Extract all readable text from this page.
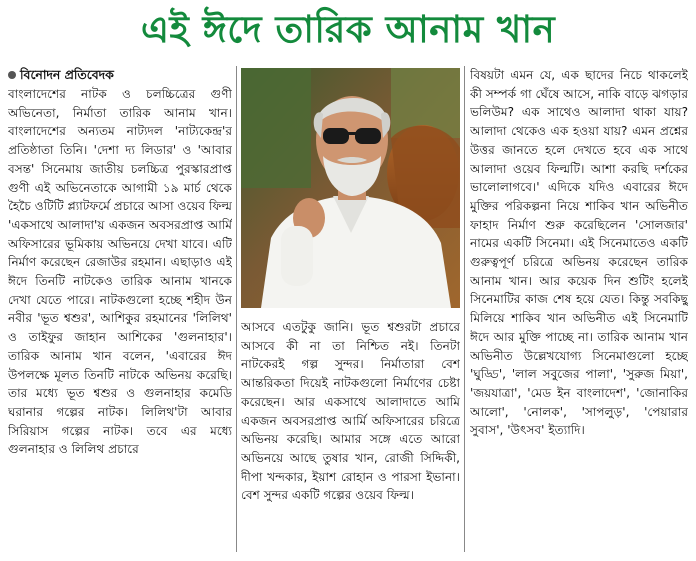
এই ঈদে তারিক আনাম খান
বিনোদন প্রতিবেদক

বাংলাদেশের নাটক ও চলচ্চিত্রের গুণী অভিনেতা, নির্মাতা তারিক আনাম খান। বাংলাদেশের অন্যতম নাট্যদল 'নাট্যকেন্দ্র'র প্রতিষ্ঠাতা তিনি। 'দেশা দ্য লিডার' ও 'আবার বসন্ত' সিনেমায় জাতীয় চলচ্চিত্র পুরস্কারপ্রাপ্ত গুণী এই অভিনেতাকে আগামী ১৯ মার্চ থেকে হৈচৈ ওটিটি প্ল্যাটফর্মে প্রচারে আসা ওয়েব ফিল্ম 'একসাথে আলাদা'য় একজন অবসরপ্রাপ্ত আর্মি অফিসারের ভূমিকায় অভিনয়ে দেখা যাবে। এটি নির্মাণ করেছেন রেজাউর রহমান। এছাড়াও এই ঈদে তিনটি নাটকেও তারিক আনাম খানকে দেখা যেতে পারে। নাটকগুলো হচ্ছে শহীদ উন নবীর 'ভূত শ্বশুর', আশিকুর রহমানের 'লিলিথ' ও তাইফুর জাহান আশিকের 'গুলনাহার'। তারিক আনাম খান বলেন, 'এবারের ঈদ উপলক্ষে মূলত তিনটি নাটকে অভিনয় করেছি। তার মধ্যে ভূত শ্বশুর ও গুলনাহার কমেডি ঘরানার গল্পের নাটক। লিলিথ'টা আবার সিরিয়াস গল্পের নাটক। তবে এর মধ্যে গুলনাহার ও লিলিথ প্রচারে

আসবে এতটুকু জানি। ভূত শ্বশুরটা প্রচারে আসবে কী না তা নিশ্চিত নই। তিনটা নাটকেরই গল্প সুন্দর। নির্মাতারা বেশ আন্তরিকতা দিয়েই নাটকগুলো নির্মাণের চেষ্টা করেছেন। আর একসাথে আলাদাতে আমি একজন অবসরপ্রাপ্ত আর্মি অফিসারের চরিত্রে অভিনয় করেছি। আমার সঙ্গে এতে আরো অভিনয়ে আছে তুষার খান, রোজী সিদ্দিকী, দীপা খন্দকার, ইয়াশ রোহান ও পারসা ইভানা। বেশ সুন্দর একটি গল্পের ওয়েব ফিল্ম।

বিষয়টা এমন যে, এক ছাদের নিচে থাকলেই কী সম্পর্ক গা ঘেঁষে আসে, নাকি বাড়ে ঝগড়ার ভলিউম? এক সাথেও আলাদা থাকা যায়? আলাদা থেকেও এক হওয়া যায়? এমন প্রশ্নের উত্তর জানতে হলে দেখতে হবে এক সাথে আলাদা ওয়েব ফিল্মটি। আশা করছি দর্শকের ভালোলাগবে।' এদিকে যদিও এবারের ঈদে মুক্তির পরিকল্পনা নিয়ে শাকিব খান অভিনীত ফাহাদ নির্মাণ শুরু করেছিলেন 'সোলজার' নামের একটি সিনেমা। এই সিনেমাতেও একটি গুরুত্বপূর্ণ চরিত্রে অভিনয় করেছেন তারিক আনাম খান। আর কয়েক দিন শুটিং হলেই সিনেমাটির কাজ শেষ হয়ে যেত। কিন্তু সবকিছু মিলিয়ে শাকিব খান অভিনীত এই সিনেমাটি ঈদে আর মুক্তি পাচ্ছে না। তারিক আনাম খান অভিনীত উল্লেখযোগ্য সিনেমাগুলো হচ্ছে 'ঘুড্ডি', 'লাল সবুজের পালা', 'সুরুজ মিয়া', 'জয়যাত্রা', 'মেড ইন বাংলাদেশ', 'জোনাকির আলো', 'নোলক', 'সাপলুড়', 'পেয়ারার সুবাস', 'উৎসব' ইত্যাদি।
